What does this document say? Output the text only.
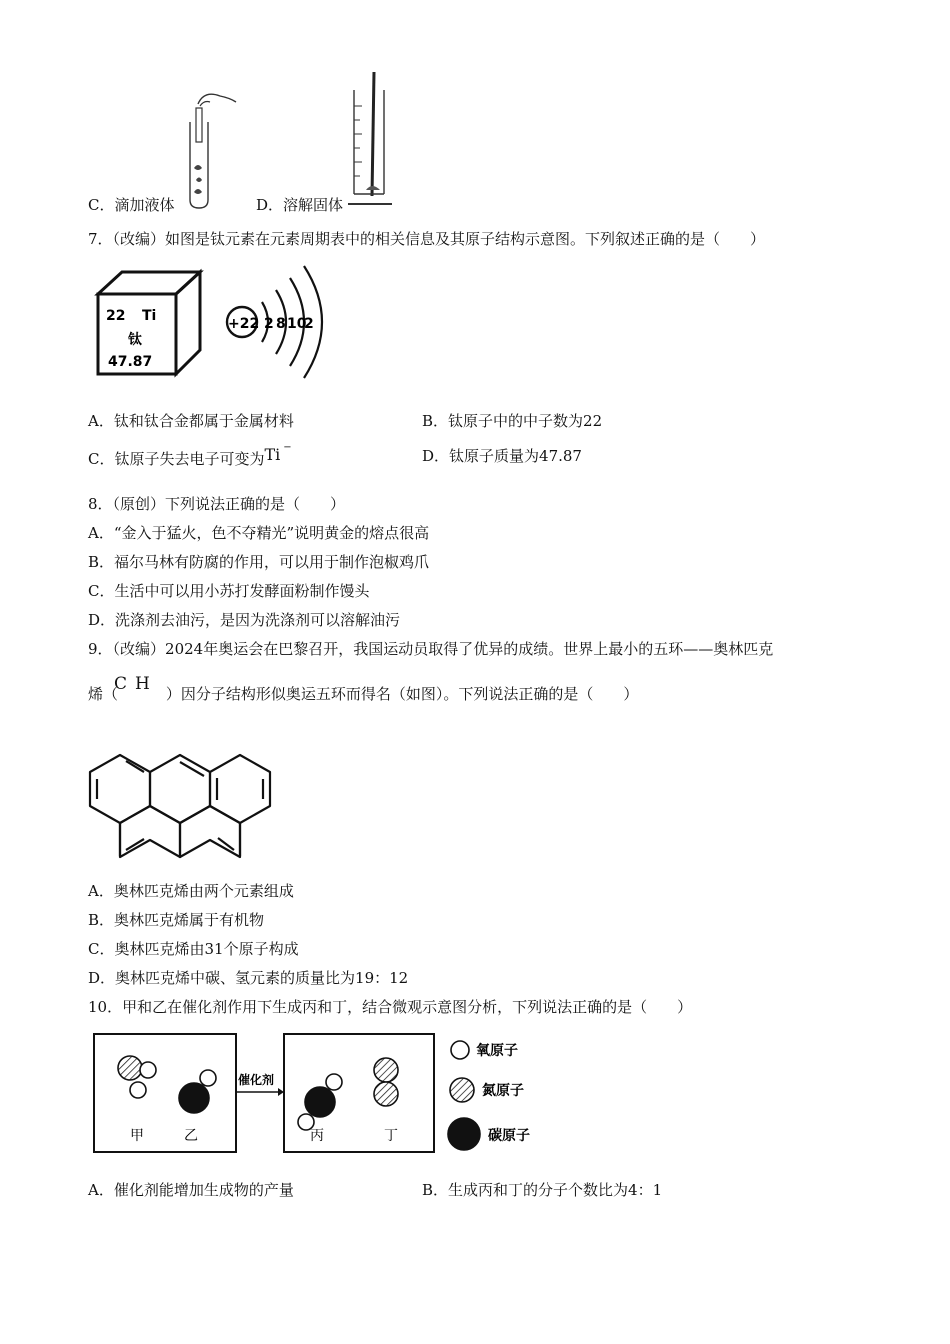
C．滴加液体	D．溶解固体
7．（改编）如图是钛元素在元素周期表中的相关信息及其原子结构示意图。下列叙述正确的是（　　）
22 Ti
钛
47.87
+22 2 8 10
2
A．钛和钛合金都属于金属材料	B．钛原子中的中子数为22
C．钛原子失去电子可变为Ti −	D．钛原子质量为47.87
8．（原创）下列说法正确的是（　　）
A．“金入于猛火，色不夺精光”说明黄金的熔点很高
B．福尔马林有防腐的作用，可以用于制作泡椒鸡爪
C．生活中可以用小苏打发酵面粉制作馒头
D．洗涤剂去油污，是因为洗涤剂可以溶解油污
9．（改编）2024年奥运会在巴黎召开，我国运动员取得了优异的成绩。世界上最小的五环——奥林匹克
烯（C H ）因分子结构形似奥运五环而得名（如图）。下列说法正确的是（　　）
A．奥林匹克烯由两个元素组成
B．奥林匹克烯属于有机物
C．奥林匹克烯由31个原子构成
D．奥林匹克烯中碳、氢元素的质量比为19：12
10．甲和乙在催化剂作用下生成丙和丁，结合微观示意图分析，下列说法正确的是（　　）
甲	乙
催化剂
丙	丁
氧原子
氮原子
碳原子
A．催化剂能增加生成物的产量	B．生成丙和丁的分子个数比为4：1
